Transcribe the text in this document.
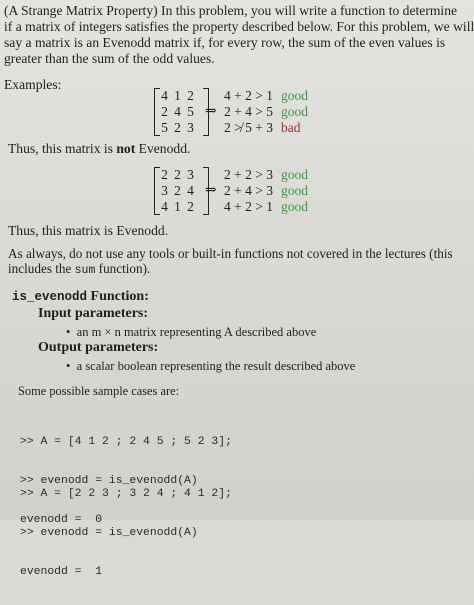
(A Strange Matrix Property) In this problem, you will write a function to determine
if a matrix of integers satisfies the property described below. For this problem, we will
say a matrix is an Evenodd matrix if, for every row, the sum of the even values is
greater than the sum of the odd values.
Examples:
4 1 2
2 4 5
5 2 3
⇒
4 + 2 > 1 good
2 + 4 > 5 good
2 ≯ 5 + 3 bad
Thus, this matrix is not Evenodd.
2 2 3
3 2 4
4 1 2
⇒
2 + 2 > 3 good
2 + 4 > 3 good
4 + 2 > 1 good
Thus, this matrix is Evenodd.
As always, do not use any tools or built-in functions not covered in the lectures (this
includes the sum function).
is_evenodd Function:
Input parameters:
•  an m × n matrix representing A described above
Output parameters:
•  a scalar boolean representing the result described above
Some possible sample cases are:

>> A = [4 1 2 ; 2 4 5 ; 5 2 3];

>> evenodd = is_evenodd(A)

evenodd =  0

>> A = [2 2 3 ; 3 2 4 ; 4 1 2];

>> evenodd = is_evenodd(A)

evenodd =  1
